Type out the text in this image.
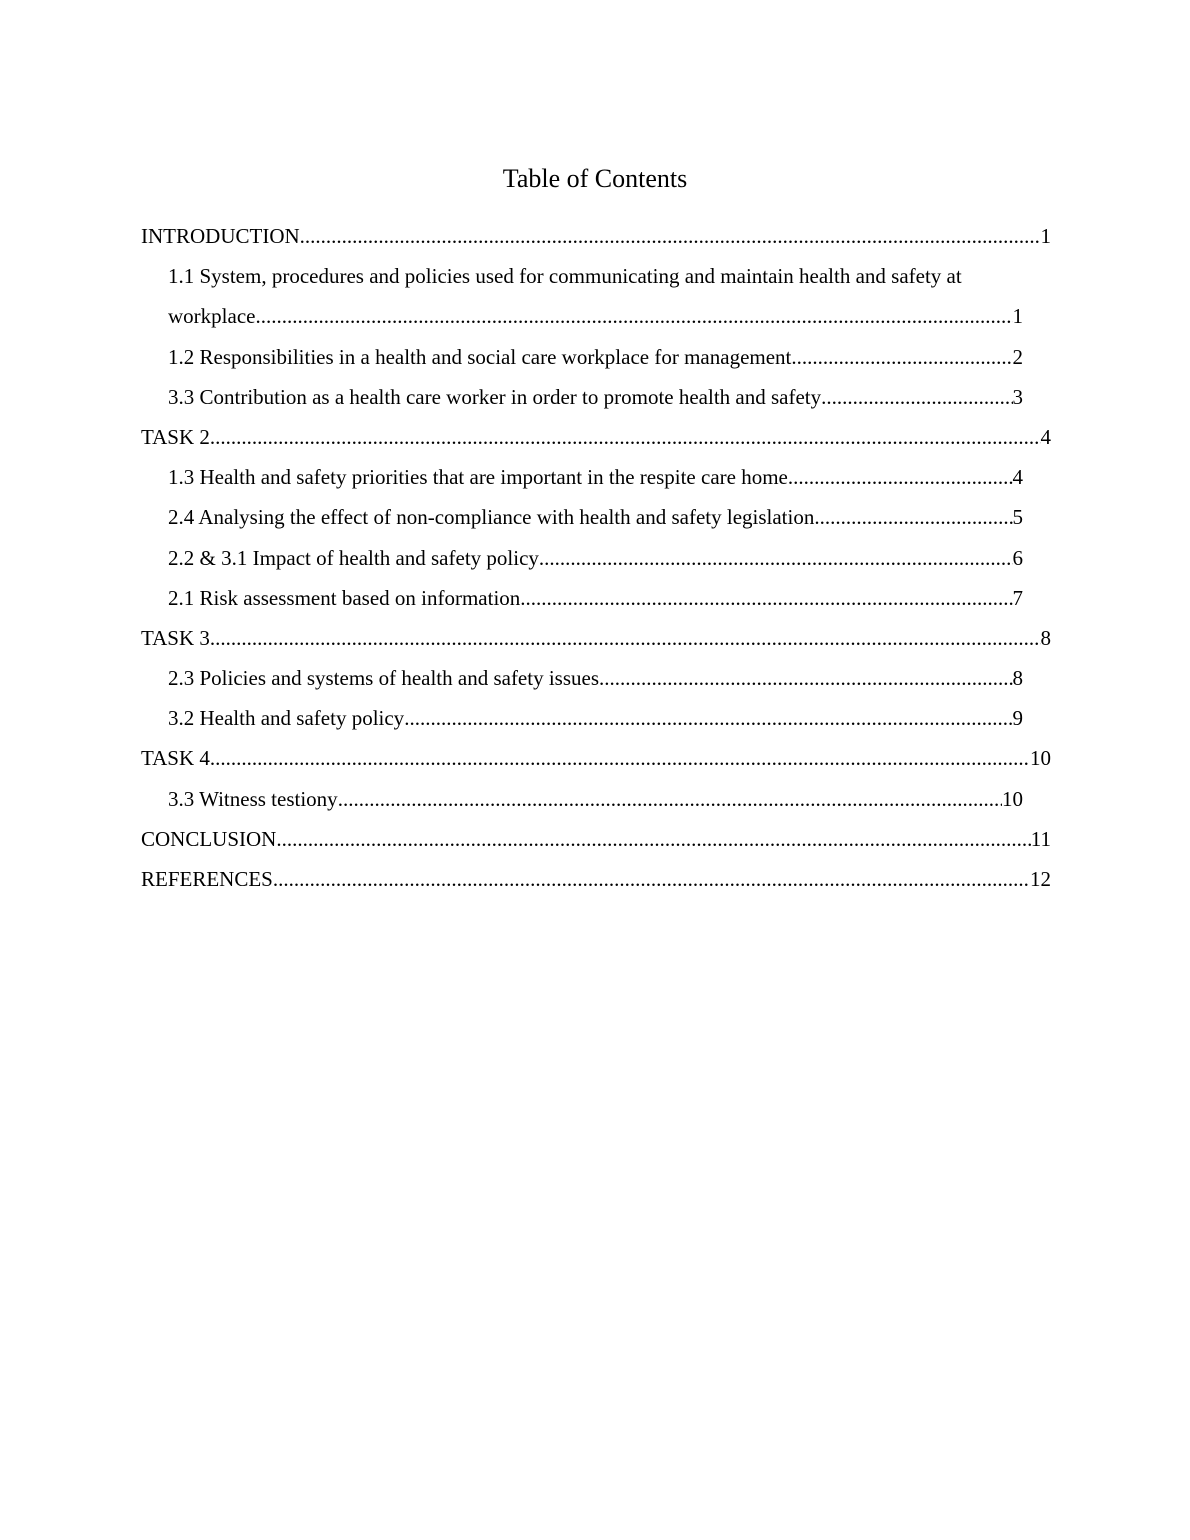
Table of Contents
INTRODUCTION .....	1
1.1 System, procedures and policies used for communicating and maintain health and safety at
workplace .....	1
1.2 Responsibilities in a health and social care workplace for management .....	2
3.3 Contribution as a health care worker in order to promote health and safety .....	3
TASK 2 .....	4
1.3 Health and safety priorities that are important in the respite care home .....	4
2.4 Analysing the effect of non-compliance with health and safety legislation .....	5
2.2 & 3.1 Impact of health and safety policy .....	6
2.1 Risk assessment based on information .....	7
TASK 3 .....	8
2.3 Policies and systems of health and safety issues .....	8
3.2 Health and safety policy .....	9
TASK 4 .....	10
3.3 Witness testiony .....	10
CONCLUSION .....	11
REFERENCES .....	12
